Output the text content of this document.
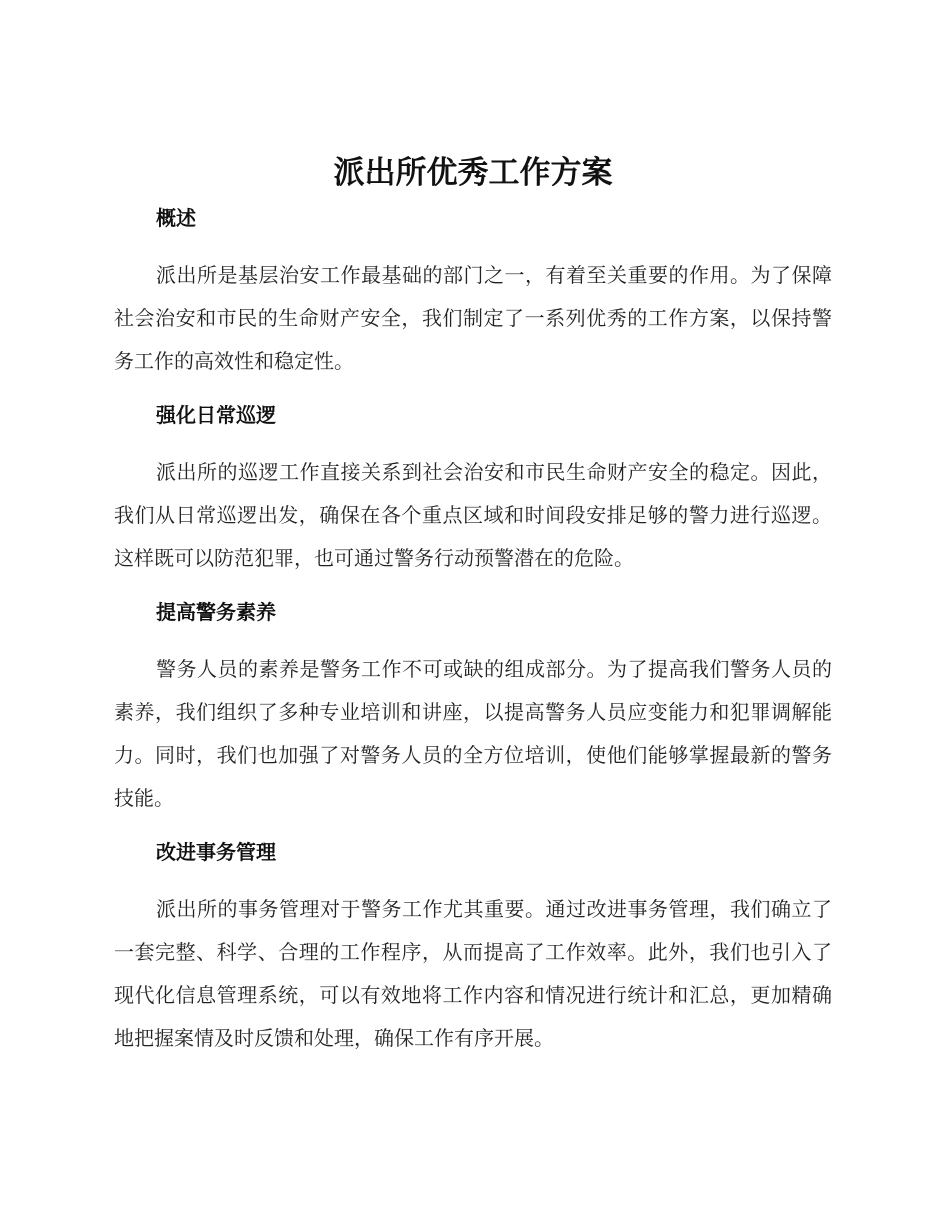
派出所优秀工作方案
概述

派出所是基层治安工作最基础的部门之一，有着至关重要的作用。为了保障社会治安和市民的生命财产安全，我们制定了一系列优秀的工作方案，以保持警务工作的高效性和稳定性。

强化日常巡逻

派出所的巡逻工作直接关系到社会治安和市民生命财产安全的稳定。因此，我们从日常巡逻出发，确保在各个重点区域和时间段安排足够的警力进行巡逻。这样既可以防范犯罪，也可通过警务行动预警潜在的危险。

提高警务素养

警务人员的素养是警务工作不可或缺的组成部分。为了提高我们警务人员的素养，我们组织了多种专业培训和讲座，以提高警务人员应变能力和犯罪调解能力。同时，我们也加强了对警务人员的全方位培训，使他们能够掌握最新的警务技能。

改进事务管理

派出所的事务管理对于警务工作尤其重要。通过改进事务管理，我们确立了一套完整、科学、合理的工作程序，从而提高了工作效率。此外，我们也引入了现代化信息管理系统，可以有效地将工作内容和情况进行统计和汇总，更加精确地把握案情及时反馈和处理，确保工作有序开展。
